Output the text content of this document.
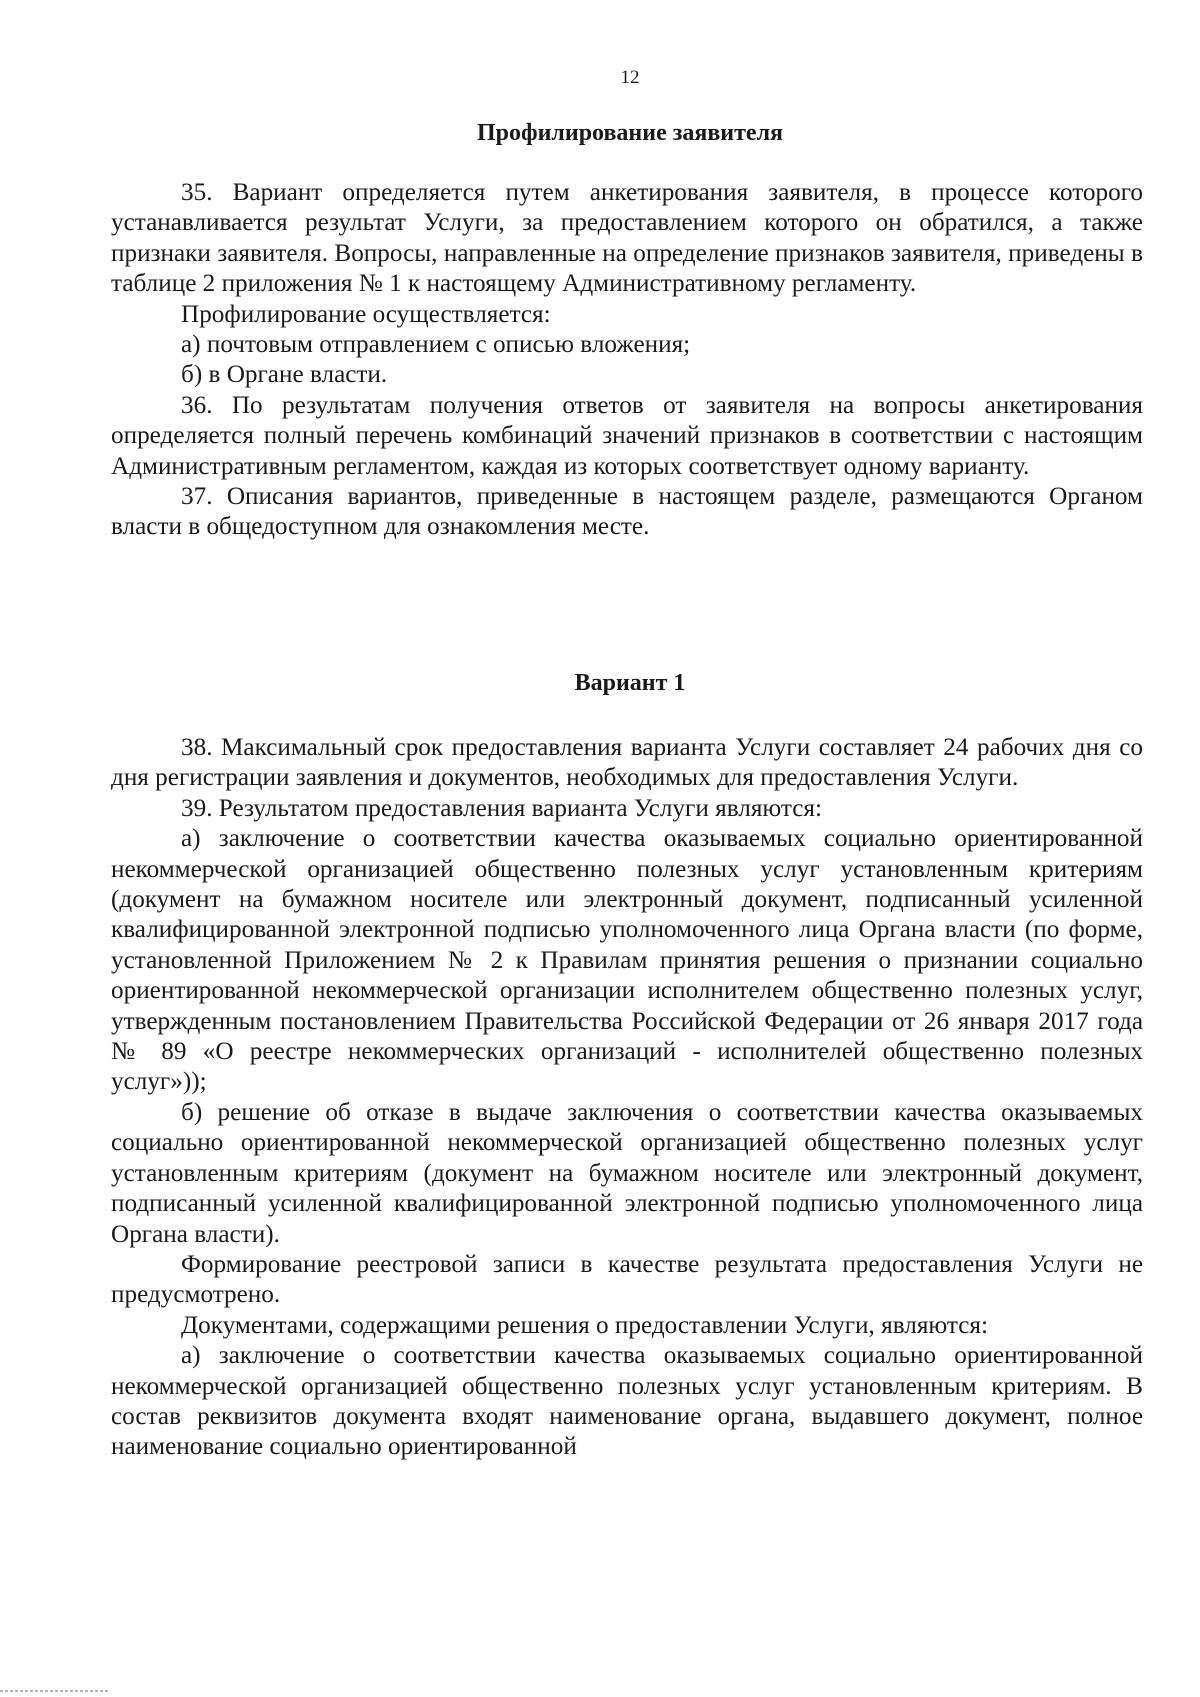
12
Профилирование заявителя

35. Вариант определяется путем анкетирования заявителя, в процессе которого устанавливается результат Услуги, за предоставлением которого он обратился, а также признаки заявителя. Вопросы, направленные на определение признаков заявителя, приведены в таблице 2 приложения № 1 к настоящему Административному регламенту.

Профилирование осуществляется:

а) почтовым отправлением с описью вложения;

б) в Органе власти.

36. По результатам получения ответов от заявителя на вопросы анкетирования определяется полный перечень комбинаций значений признаков в соответствии с настоящим Административным регламентом, каждая из которых соответствует одному варианту.

37. Описания вариантов, приведенные в настоящем разделе, размещаются Органом власти в общедоступном для ознакомления месте.

Вариант 1

38. Максимальный срок предоставления варианта Услуги составляет 24 рабочих дня со дня регистрации заявления и документов, необходимых для предоставления Услуги.

39. Результатом предоставления варианта Услуги являются:

а) заключение о соответствии качества оказываемых социально ориентированной некоммерческой организацией общественно полезных услуг установленным критериям (документ на бумажном носителе или электронный документ, подписанный усиленной квалифицированной электронной подписью уполномоченного лица Органа власти (по форме, установленной Приложением № 2 к Правилам принятия решения о признании социально ориентированной некоммерческой организации исполнителем общественно полезных услуг, утвержденным постановлением Правительства Российской Федерации от 26 января 2017 года № 89 «О реестре некоммерческих организаций - исполнителей общественно полезных услуг»));

б) решение об отказе в выдаче заключения о соответствии качества оказываемых социально ориентированной некоммерческой организацией общественно полезных услуг установленным критериям (документ на бумажном носителе или электронный документ, подписанный усиленной квалифицированной электронной подписью уполномоченного лица Органа власти).

Формирование реестровой записи в качестве результата предоставления Услуги не предусмотрено.

Документами, содержащими решения о предоставлении Услуги, являются:

а) заключение о соответствии качества оказываемых социально ориентированной некоммерческой организацией общественно полезных услуг установленным критериям. В состав реквизитов документа входят наименование органа, выдавшего документ, полное наименование социально ориентированной
